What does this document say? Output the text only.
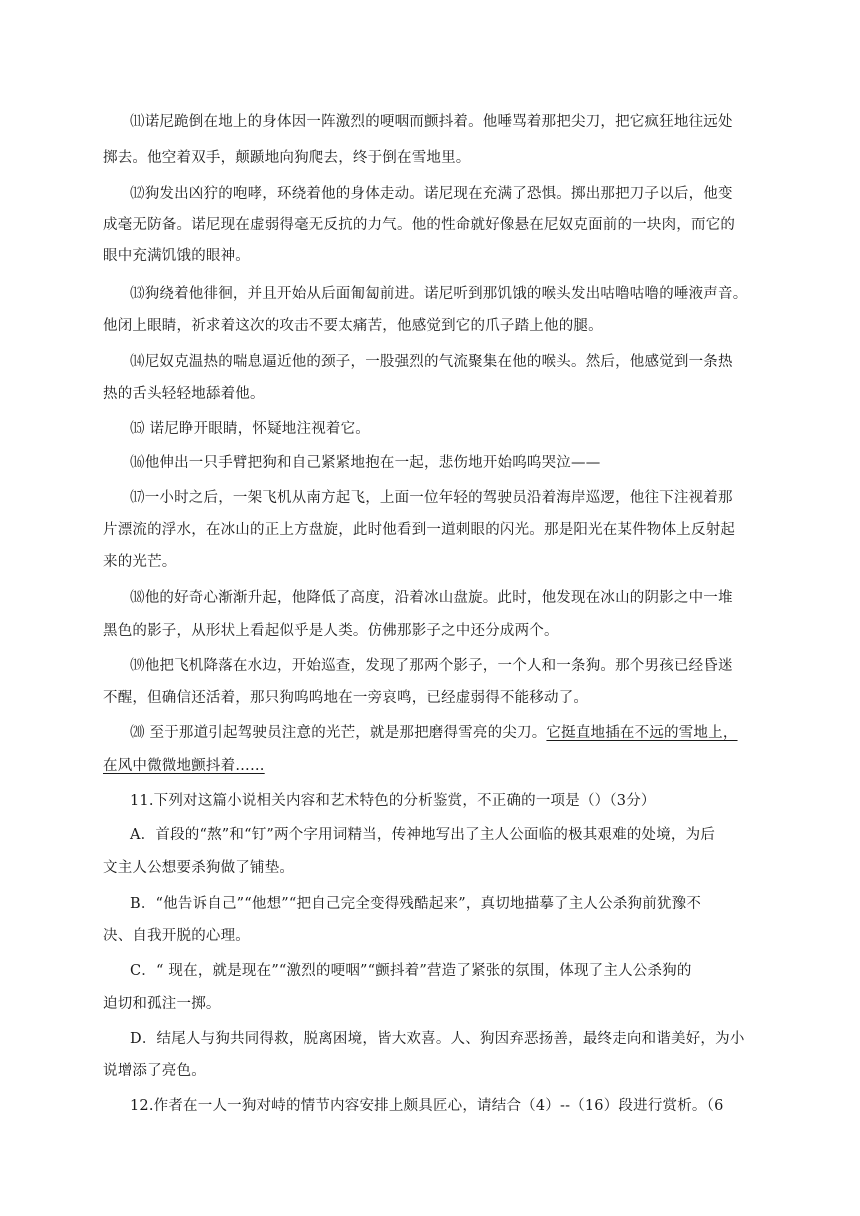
⑾诺尼跪倒在地上的身体因一阵激烈的哽咽而颤抖着。他唾骂着那把尖刀，把它疯狂地往远处
掷去。他空着双手，颠踬地向狗爬去，终于倒在雪地里。
⑿狗发出凶狞的咆哮，环绕着他的身体走动。诺尼现在充满了恐惧。掷出那把刀子以后，他变
成毫无防备。诺尼现在虚弱得毫无反抗的力气。他的性命就好像悬在尼奴克面前的一块肉，而它的
眼中充满饥饿的眼神。
⒀狗绕着他徘徊，并且开始从后面匍匐前进。诺尼听到那饥饿的喉头发出咕噜咕噜的唾液声音。
他闭上眼睛，祈求着这次的攻击不要太痛苦，他感觉到它的爪子踏上他的腿。
⒁尼奴克温热的喘息逼近他的颈子，一股强烈的气流聚集在他的喉头。然后，他感觉到一条热
热的舌头轻轻地舔着他。
⒂ 诺尼睁开眼睛，怀疑地注视着它。
⒃他伸出一只手臂把狗和自己紧紧地抱在一起，悲伤地开始呜呜哭泣——
⒄一小时之后，一架飞机从南方起飞，上面一位年轻的驾驶员沿着海岸巡逻，他往下注视着那
片漂流的浮水，在冰山的正上方盘旋，此时他看到一道刺眼的闪光。那是阳光在某件物体上反射起
来的光芒。
⒅他的好奇心渐渐升起，他降低了高度，沿着冰山盘旋。此时，他发现在冰山的阴影之中一堆
黑色的影子，从形状上看起似乎是人类。仿佛那影子之中还分成两个。
⒆他把飞机降落在水边，开始巡查，发现了那两个影子，一个人和一条狗。那个男孩已经昏迷
不醒，但确信还活着，那只狗呜呜地在一旁哀鸣，已经虚弱得不能移动了。
⒇ 至于那道引起驾驶员注意的光芒，就是那把磨得雪亮的尖刀。它挺直地插在不远的雪地上，
在风中微微地颤抖着……
11.下列对这篇小说相关内容和艺术特色的分析鉴赏，不正确的一项是（）（3分）
A．首段的“熬”和“钉”两个字用词精当，传神地写出了主人公面临的极其艰难的处境，为后
文主人公想要杀狗做了铺垫。
B．“他告诉自己”“他想”“把自己完全变得残酷起来”，真切地描摹了主人公杀狗前犹豫不
决、自我开脱的心理。
C．“ 现在，就是现在”“激烈的哽咽”“颤抖着”营造了紧张的氛围，体现了主人公杀狗的
迫切和孤注一掷。
D．结尾人与狗共同得救，脱离困境，皆大欢喜。人、狗因弃恶扬善，最终走向和谐美好，为小
说增添了亮色。
12.作者在一人一狗对峙的情节内容安排上颇具匠心，请结合（4）--（16）段进行赏析。（6
